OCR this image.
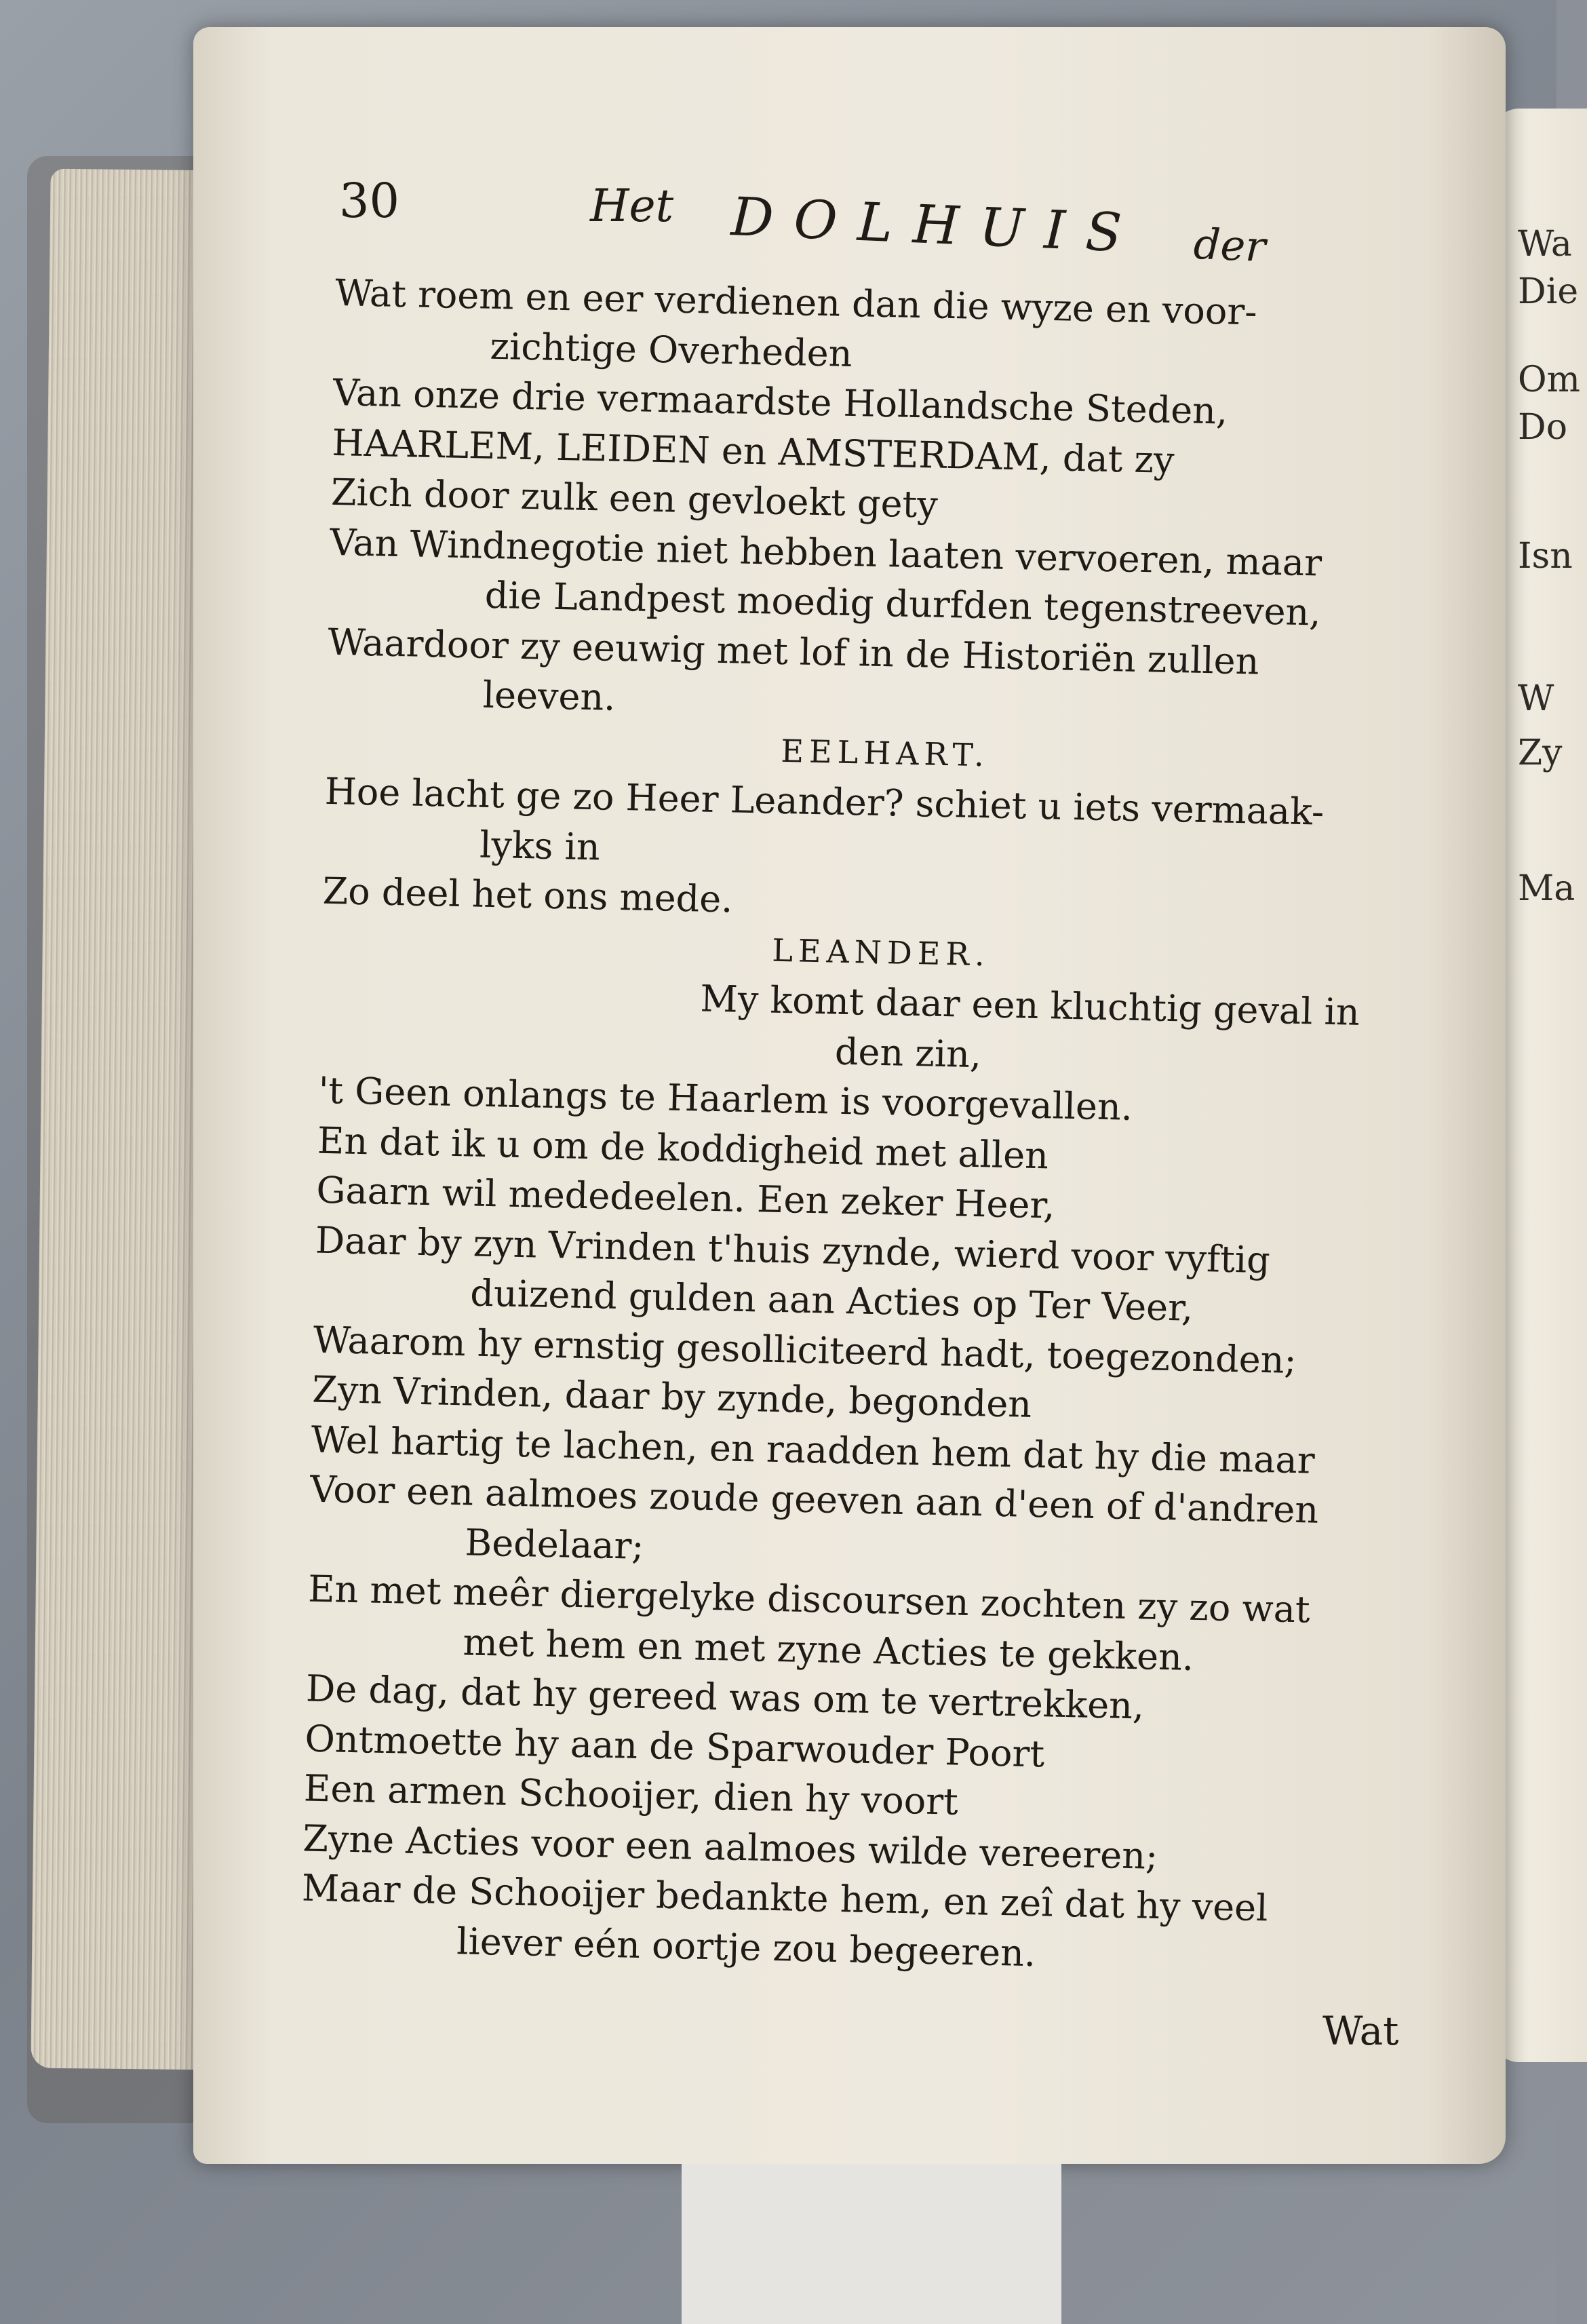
Wa
Die
Om
Do
Isn
W
Zy
Ma
30	Het DOLHUIS der
Wat roem en eer verdienen dan die wyze en voor-
zichtige Overheden
Van onze drie vermaardste Hollandsche Steden,
HAARLEM, LEIDEN en AMSTERDAM, dat zy
Zich door zulk een gevloekt gety
Van Windnegotie niet hebben laaten vervoeren, maar
die Landpest moedig durfden tegenstreeven,
Waardoor zy eeuwig met lof in de Historiën zullen
leeven.
EELHART.
Hoe lacht ge zo Heer Leander? schiet u iets vermaak-
lyks in
Zo deel het ons mede.
LEANDER.
My komt daar een kluchtig geval in
den zin,
't Geen onlangs te Haarlem is voorgevallen.
En dat ik u om de koddigheid met allen
Gaarn wil mededeelen. Een zeker Heer,
Daar by zyn Vrinden t'huis zynde, wierd voor vyftig
duizend gulden aan Acties op Ter Veer,
Waarom hy ernstig gesolliciteerd hadt, toegezonden;
Zyn Vrinden, daar by zynde, begonden
Wel hartig te lachen, en raadden hem dat hy die maar
Voor een aalmoes zoude geeven aan d'een of d'andren
Bedelaar;
En met meêr diergelyke discoursen zochten zy zo wat
met hem en met zyne Acties te gekken.
De dag, dat hy gereed was om te vertrekken,
Ontmoette hy aan de Sparwouder Poort
Een armen Schooijer, dien hy voort
Zyne Acties voor een aalmoes wilde vereeren;
Maar de Schooijer bedankte hem, en zeî dat hy veel
liever eén oortje zou begeeren.
Wat
